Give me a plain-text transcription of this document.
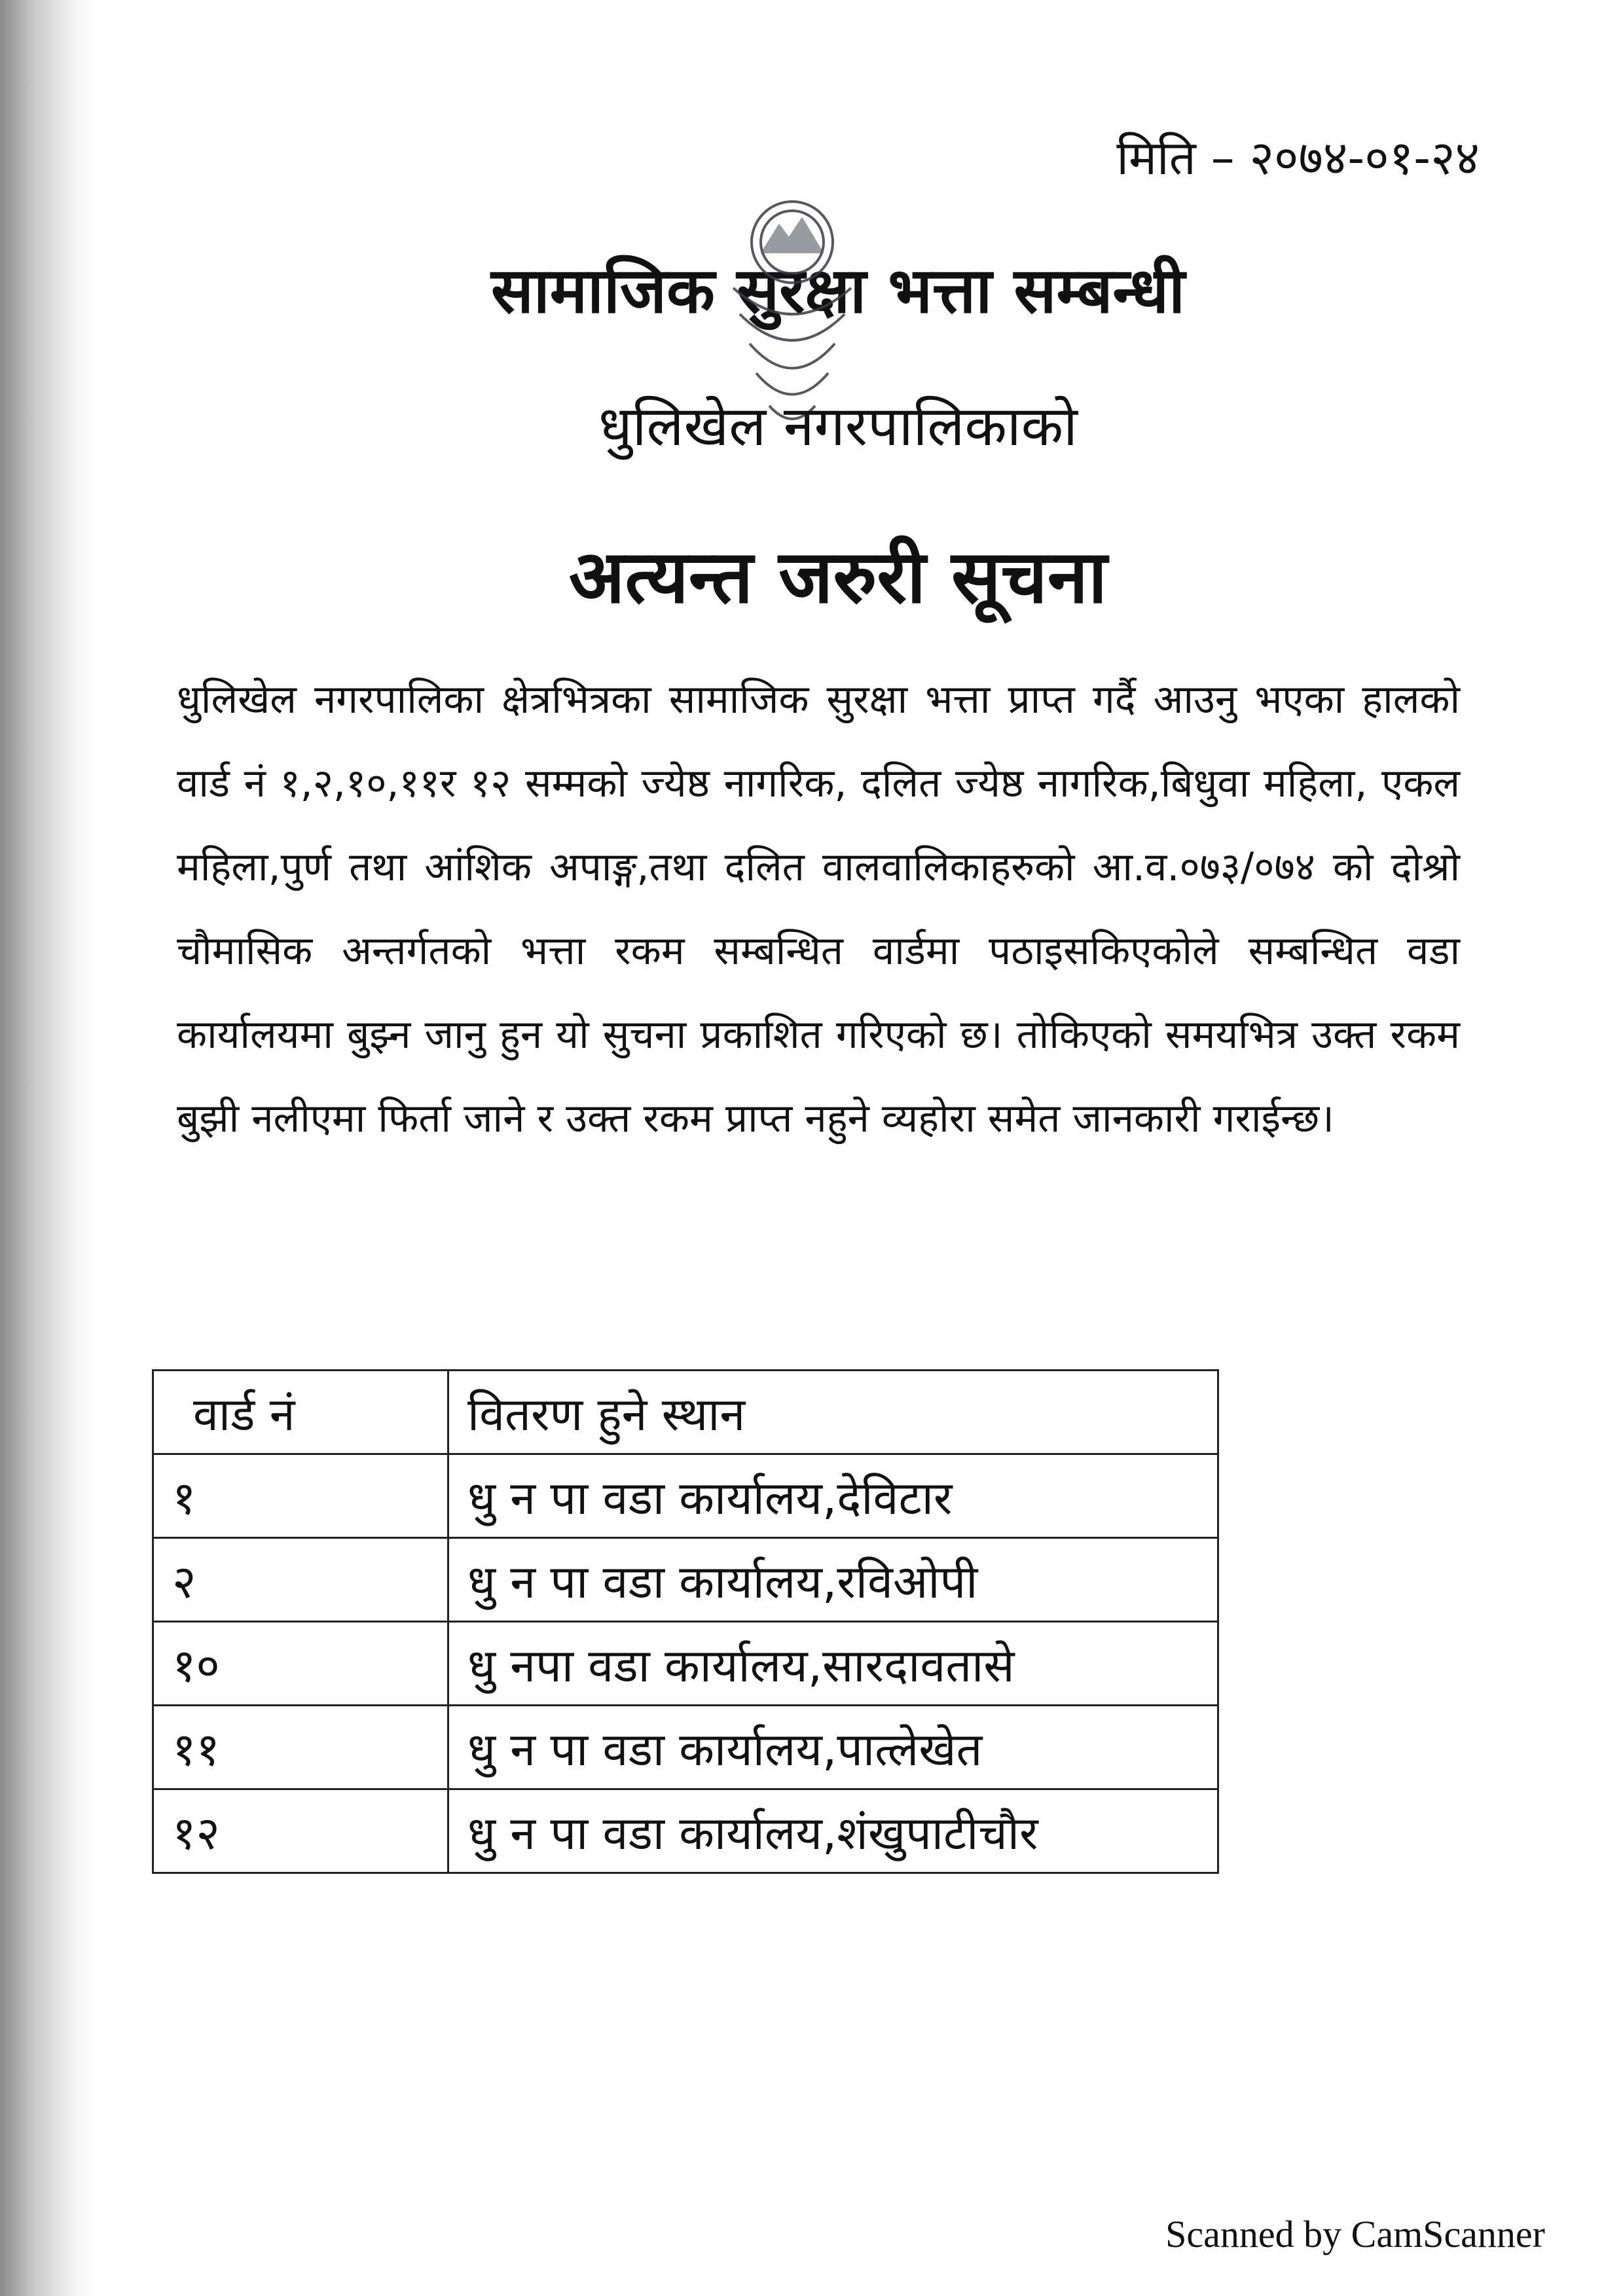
मिति – २०७४-०१-२४
सामाजिक सुरक्षा भत्ता सम्बन्धी
धुलिखेल नगरपालिकाको
अत्यन्त जरुरी सूचना
धुलिखेल नगरपालिका क्षेत्रभित्रका सामाजिक सुरक्षा भत्ता प्राप्त गर्दै आउनु भएका हालको वार्ड नं १,२,१०,११र १२ सम्मको ज्येष्ठ नागरिक, दलित ज्येष्ठ नागरिक,बिधुवा महिला, एकल महिला,पुर्ण तथा आंशिक अपाङ्ग,तथा दलित वालवालिकाहरुको आ.व.०७३/०७४ को दोश्रो चौमासिक अन्तर्गतको भत्ता रकम सम्बन्धित वार्डमा पठाइसकिएकोले सम्बन्धित वडा कार्यालयमा बुझ्न जानु हुन यो सुचना प्रकाशित गरिएको छ। तोकिएको समयभित्र उक्त रकम बुझी नलीएमा फिर्ता जाने र उक्त रकम प्राप्त नहुने व्यहोरा समेत जानकारी गराईन्छ।
वार्ड नं	वितरण हुने स्थान
१	धु न पा वडा कार्यालय,देविटार
२	धु न पा वडा कार्यालय,रविओपी
१०	धु नपा वडा कार्यालय,सारदावतासे
११	धु न पा वडा कार्यालय,पात्लेखेत
१२	धु न पा वडा कार्यालय,शंखुपाटीचौर
Scanned by CamScanner
